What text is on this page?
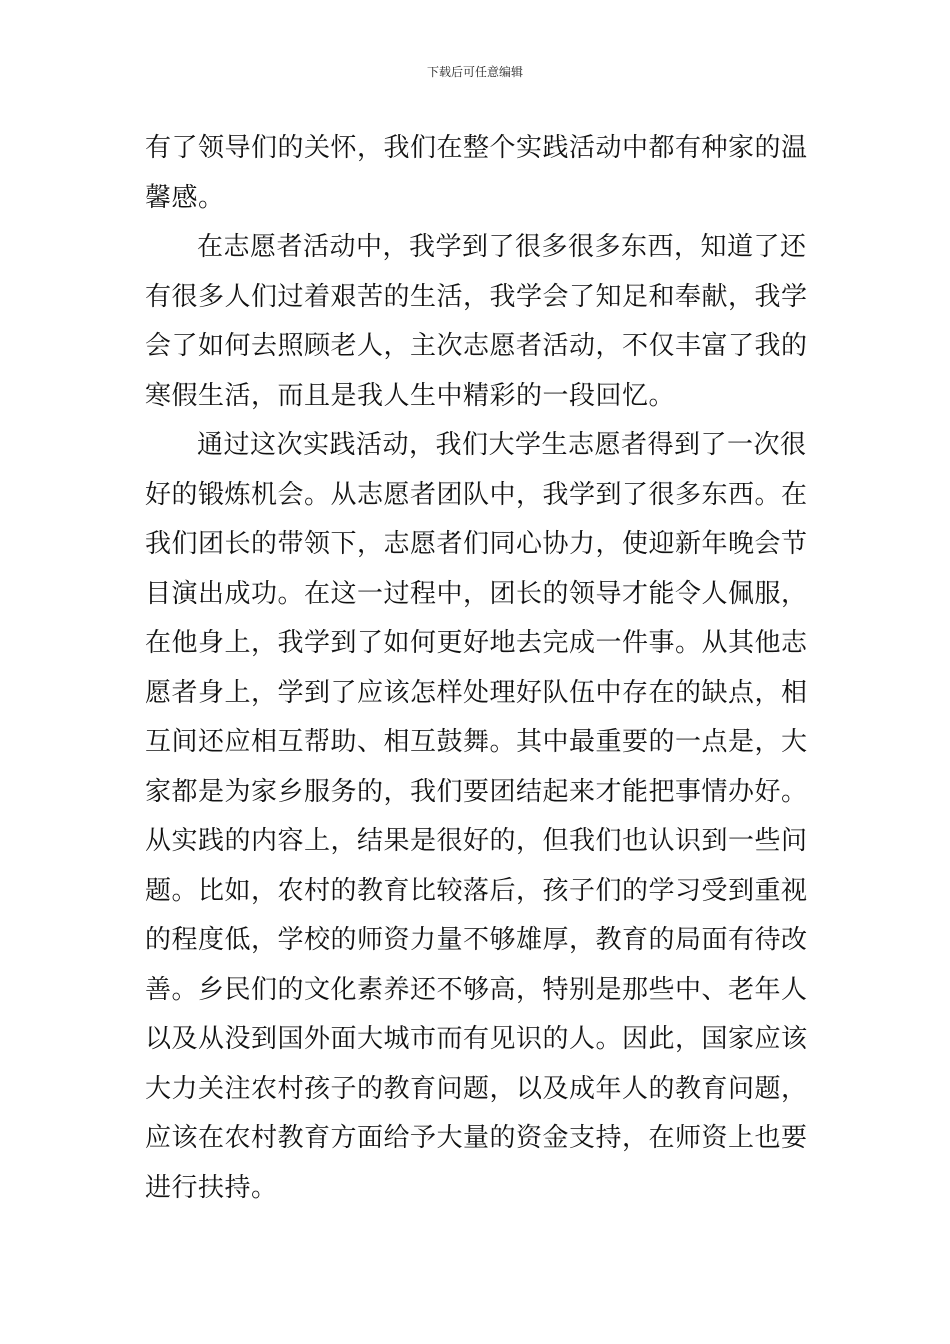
下载后可任意编辑
有了领导们的关怀，我们在整个实践活动中都有种家的温
馨感。
在志愿者活动中，我学到了很多很多东西，知道了还
有很多人们过着艰苦的生活，我学会了知足和奉献，我学
会了如何去照顾老人，主次志愿者活动，不仅丰富了我的
寒假生活，而且是我人生中精彩的一段回忆。
通过这次实践活动，我们大学生志愿者得到了一次很
好的锻炼机会。从志愿者团队中，我学到了很多东西。在
我们团长的带领下，志愿者们同心协力，使迎新年晚会节
目演出成功。在这一过程中，团长的领导才能令人佩服，
在他身上，我学到了如何更好地去完成一件事。从其他志
愿者身上，学到了应该怎样处理好队伍中存在的缺点，相
互间还应相互帮助、相互鼓舞。其中最重要的一点是，大
家都是为家乡服务的，我们要团结起来才能把事情办好。
从实践的内容上，结果是很好的，但我们也认识到一些问
题。比如，农村的教育比较落后，孩子们的学习受到重视
的程度低，学校的师资力量不够雄厚，教育的局面有待改
善。乡民们的文化素养还不够高，特别是那些中、老年人
以及从没到国外面大城市而有见识的人。因此，国家应该
大力关注农村孩子的教育问题，以及成年人的教育问题，
应该在农村教育方面给予大量的资金支持，在师资上也要
进行扶持。
